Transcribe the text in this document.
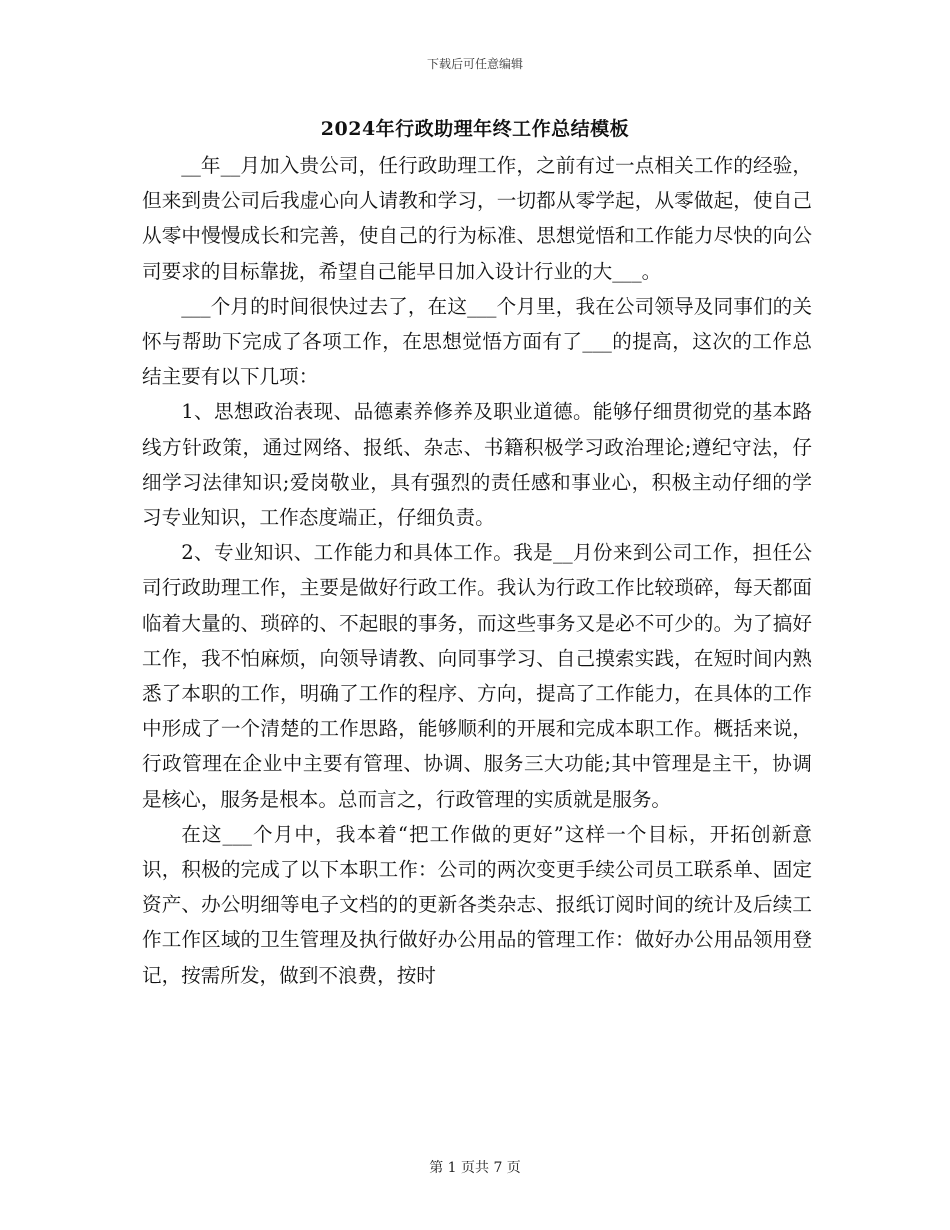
下载后可任意编辑
2024年行政助理年终工作总结模板

__年__月加入贵公司，任行政助理工作，之前有过一点相关工作的经验，但来到贵公司后我虚心向人请教和学习，一切都从零学起，从零做起，使自己从零中慢慢成长和完善，使自己的行为标准、思想觉悟和工作能力尽快的向公司要求的目标靠拢，希望自己能早日加入设计行业的大___。

___个月的时间很快过去了，在这___个月里，我在公司领导及同事们的关怀与帮助下完成了各项工作，在思想觉悟方面有了___的提高，这次的工作总结主要有以下几项：

1、思想政治表现、品德素养修养及职业道德。能够仔细贯彻党的基本路线方针政策，通过网络、报纸、杂志、书籍积极学习政治理论;遵纪守法，仔细学习法律知识;爱岗敬业，具有强烈的责任感和事业心，积极主动仔细的学习专业知识，工作态度端正，仔细负责。

2、专业知识、工作能力和具体工作。我是__月份来到公司工作，担任公司行政助理工作，主要是做好行政工作。我认为行政工作比较琐碎，每天都面临着大量的、琐碎的、不起眼的事务，而这些事务又是必不可少的。为了搞好工作，我不怕麻烦，向领导请教、向同事学习、自己摸索实践，在短时间内熟悉了本职的工作，明确了工作的程序、方向，提高了工作能力，在具体的工作中形成了一个清楚的工作思路，能够顺利的开展和完成本职工作。概括来说，行政管理在企业中主要有管理、协调、服务三大功能;其中管理是主干，协调是核心，服务是根本。总而言之，行政管理的实质就是服务。

在这___个月中，我本着“把工作做的更好”这样一个目标，开拓创新意识，积极的完成了以下本职工作：公司的两次变更手续公司员工联系单、固定资产、办公明细等电子文档的的更新各类杂志、报纸订阅时间的统计及后续工作工作区域的卫生管理及执行做好办公用品的管理工作：做好办公用品领用登记，按需所发，做到不浪费，按时

第 1 页共 7 页
